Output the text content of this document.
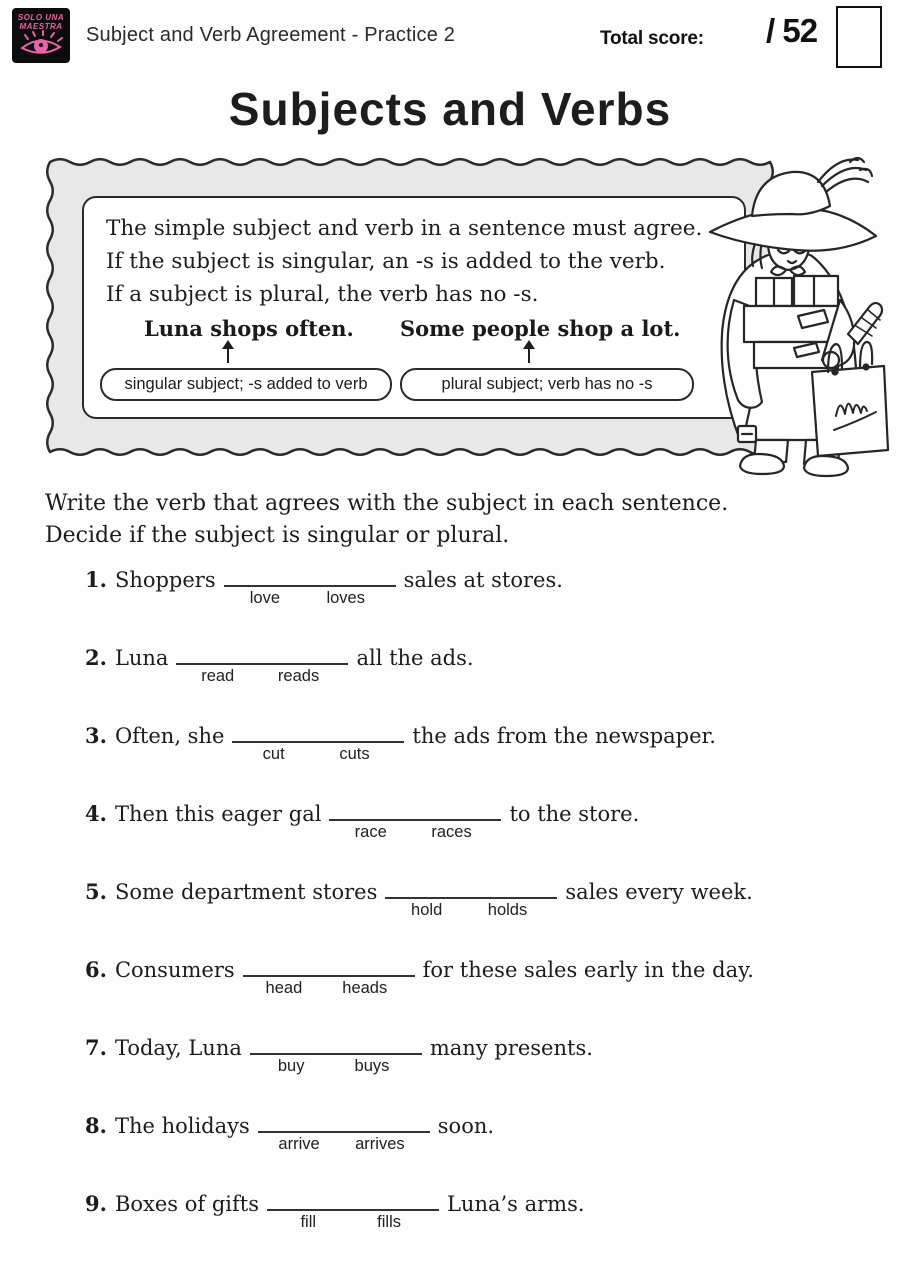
SOLO UNA
MAESTRA	Subject and Verb Agreement - Practice 2	Total score: / 52
Subjects and Verbs
The simple subject and verb in a sentence must agree.
If the subject is singular, an -s is added to the verb.
If a subject is plural, the verb has no -s.
Luna shops often. Some people shop a lot.
singular subject; -s added to verb	plural subject; verb has no -s
Write the verb that agrees with the subject in each sentence.
Decide if the subject is singular or plural.
1. Shoppers
love	loves
sales at stores.
2. Luna
read	reads
all the ads.
3. Often, she
cut	cuts
the ads from the newspaper.
4. Then this eager gal
race	races
to the store.
5. Some department stores
hold	holds
sales every week.
6. Consumers
head heads
for these sales early in the day.
7. Today, Luna
buy	buys
many presents.
8. The holidays
arrive arrives
soon.
9. Boxes of gifts
fill	fills
Luna’s arms.
